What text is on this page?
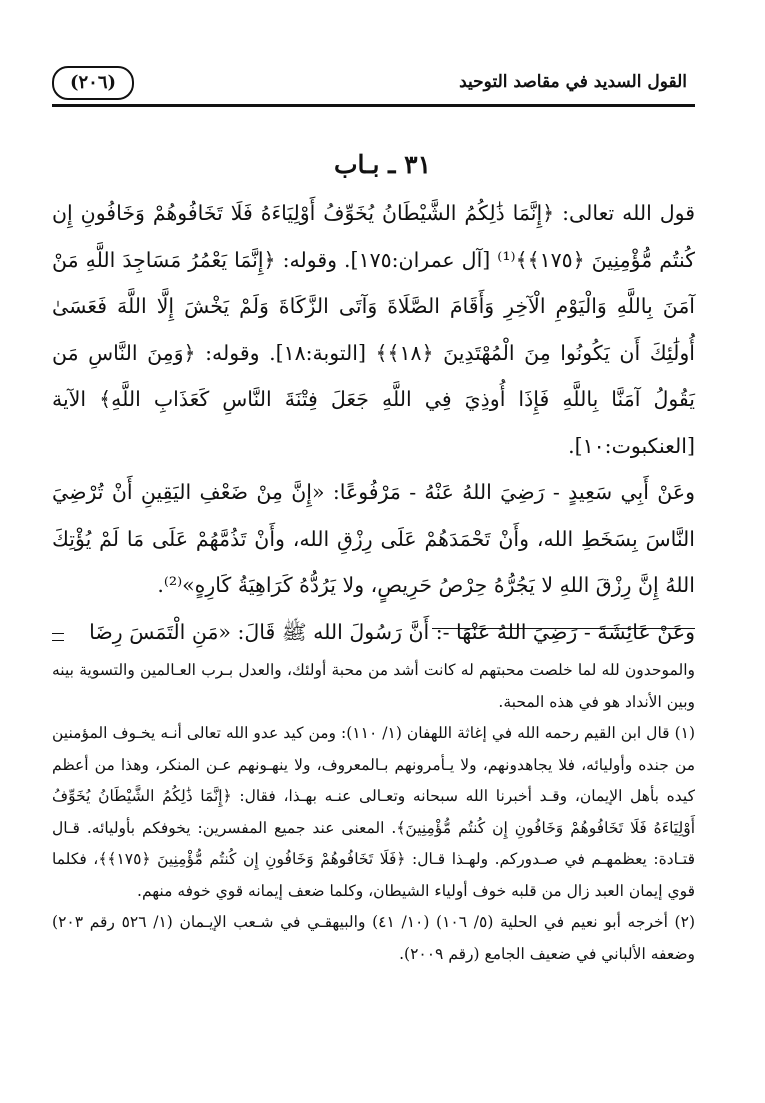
القول السديد في مقاصد التوحيد
(٢٠٦)
٣١ ـ بـاب

قول الله تعالى: ﴿إِنَّمَا ذَٰلِكُمُ الشَّيْطَانُ يُخَوِّفُ أَوْلِيَاءَهُ فَلَا تَخَافُوهُمْ وَخَافُونِ إِن كُنتُم مُّؤْمِنِينَ ﴿١٧٥﴾﴾⁽¹⁾ [آل عمران:١٧٥]. وقوله: ﴿إِنَّمَا يَعْمُرُ مَسَاجِدَ اللَّهِ مَنْ آمَنَ بِاللَّهِ وَالْيَوْمِ الْآخِرِ وَأَقَامَ الصَّلَاةَ وَآتَى الزَّكَاةَ وَلَمْ يَخْشَ إِلَّا اللَّهَ فَعَسَىٰ أُولَٰئِكَ أَن يَكُونُوا مِنَ الْمُهْتَدِينَ ﴿١٨﴾﴾ [التوبة:١٨]. وقوله: ﴿وَمِنَ النَّاسِ مَن يَقُولُ آمَنَّا بِاللَّهِ فَإِذَا أُوذِيَ فِي اللَّهِ جَعَلَ فِتْنَةَ النَّاسِ كَعَذَابِ اللَّهِ﴾ الآية [العنكبوت:١٠].

وعَنْ أَبِي سَعِيدٍ - رَضِيَ اللهُ عَنْهُ - مَرْفُوعًا: «إِنَّ مِنْ ضَعْفِ اليَقِينِ أَنْ تُرْضِيَ النَّاسَ بِسَخَطِ الله، وأَنْ تَحْمَدَهُمْ عَلَى رِزْقِ الله، وأَنْ تَذُمَّهُمْ عَلَى مَا لَمْ يُؤْتِكَ اللهُ إِنَّ رِزْقَ اللهِ لا يَجُرُّهُ حِرْصُ حَرِيصٍ، ولا يَرُدُّهُ كَرَاهِيَةُ كَارِهٍ»⁽²⁾.

وعَنْ عَائِشَةَ - رَضِيَ اللهُ عَنْهَا -: أَنَّ رَسُولَ الله ﷺ قَالَ: «مَنِ الْتَمَسَ رِضَا

والموحدون لله لما خلصت محبتهم له كانت أشد من محبة أولئك، والعدل بـرب العـالمين والتسوية بينه وبين الأنداد هو في هذه المحبة.

(١) قال ابن القيم رحمه الله في إغاثة اللهفان (١/ ١١٠): ومن كيد عدو الله تعالى أنـه يخـوف المؤمنين من جنده وأوليائه، فلا يجاهدونهم، ولا يـأمرونهم بـالمعروف، ولا ينهـونهم عـن المنكر، وهذا من أعظم كيده بأهل الإيمان، وقـد أخبرنا الله سبحانه وتعـالى عنـه بهـذا، فقال: ﴿إِنَّمَا ذَٰلِكُمُ الشَّيْطَانُ يُخَوِّفُ أَوْلِيَاءَهُ فَلَا تَخَافُوهُمْ وَخَافُونِ إِن كُنتُم مُّؤْمِنِينَ﴾. المعنى عند جميع المفسرين: يخوفكم بأوليائه. قـال قتـادة: يعظمهـم في صـدوركم. ولهـذا قـال: ﴿فَلَا تَخَافُوهُمْ وَخَافُونِ إِن كُنتُم مُّؤْمِنِينَ ﴿١٧٥﴾﴾، فكلما قوي إيمان العبد زال من قلبه خوف أولياء الشيطان، وكلما ضعف إيمانه قوي خوفه منهم.

(٢) أخرجه أبو نعيم في الحلية (٥/ ١٠٦) (١٠/ ٤١) والبيهقـي في شـعب الإيـمان (١/ ٥٢٦ رقم ٢٠٣) وضعفه الألباني في ضعيف الجامع (رقم ٢٠٠٩).
